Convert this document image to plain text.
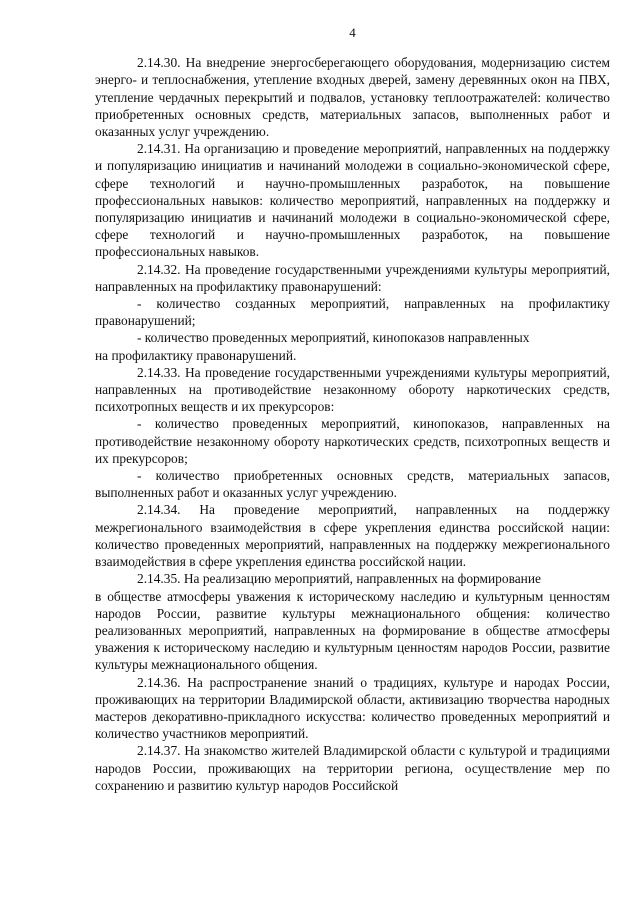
4

2.14.30. На внедрение энергосберегающего оборудования, модернизацию систем энерго- и теплоснабжения, утепление входных дверей, замену деревянных окон на ПВХ, утепление чердачных перекрытий и подвалов, установку теплоотражателей: количество приобретенных основных средств, материальных запасов, выполненных работ и оказанных услуг учреждению.

2.14.31. На организацию и проведение мероприятий, направленных на поддержку и популяризацию инициатив и начинаний молодежи в социально-экономической сфере, сфере технологий и научно-промышленных разработок, на повышение профессиональных навыков: количество мероприятий, направленных на поддержку и популяризацию инициатив и начинаний молодежи в социально-экономической сфере, сфере технологий и научно-промышленных разработок, на повышение профессиональных навыков.

2.14.32. На проведение государственными учреждениями культуры мероприятий, направленных на профилактику правонарушений:

- количество созданных мероприятий, направленных на профилактику правонарушений;

- количество проведенных мероприятий, кинопоказов направленных

на профилактику правонарушений.

2.14.33. На проведение государственными учреждениями культуры мероприятий, направленных на противодействие незаконному обороту наркотических средств, психотропных веществ и их прекурсоров:

- количество проведенных мероприятий, кинопоказов, направленных на противодействие незаконному обороту наркотических средств, психотропных веществ и их прекурсоров;

- количество приобретенных основных средств, материальных запасов, выполненных работ и оказанных услуг учреждению.

2.14.34. На проведение мероприятий, направленных на поддержку межрегионального взаимодействия в сфере укрепления единства российской нации: количество проведенных мероприятий, направленных на поддержку межрегионального взаимодействия в сфере укрепления единства российской нации.

2.14.35. На реализацию мероприятий, направленных на формирование

в обществе атмосферы уважения к историческому наследию и культурным ценностям народов России, развитие культуры межнационального общения: количество реализованных мероприятий, направленных на формирование в обществе атмосферы уважения к историческому наследию и культурным ценностям народов России, развитие культуры межнационального общения.

2.14.36. На распространение знаний о традициях, культуре и народах России, проживающих на территории Владимирской области, активизацию творчества народных мастеров декоративно-прикладного искусства: количество проведенных мероприятий и количество участников мероприятий.

2.14.37. На знакомство жителей Владимирской области с культурой и традициями народов России, проживающих на территории региона, осуществление мер по сохранению и развитию культур народов Российской
